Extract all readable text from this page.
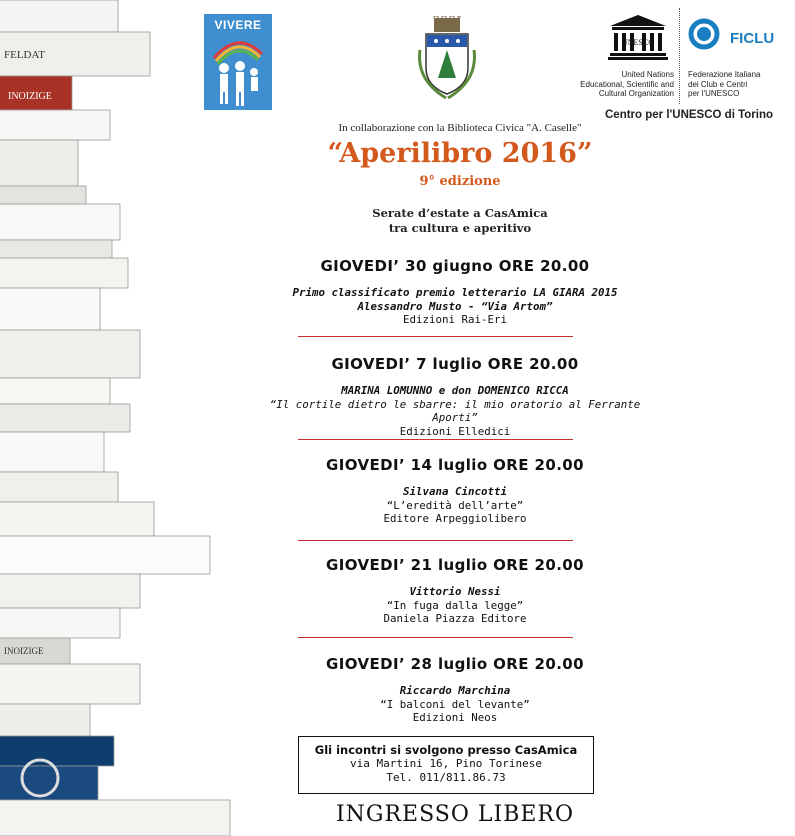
FELDAT
INOIZIGE
INOIZIGE
VIVERE
UNESCO
United Nations
Educational, Scientific and
Cultural Organization
FICLU
Federazione Italiana
dei Club e Centri
per l'UNESCO
Centro per l'UNESCO di Torino
In collaborazione con la Biblioteca Civica "A. Caselle"
“Aperilibro 2016”
9° edizione
Serate d’estate a CasAmica
tra cultura e aperitivo
GIOVEDI’ 30 giugno ORE 20.00
Primo classificato premio letterario LA GIARA 2015
Alessandro Musto - “Via Artom”
Edizioni Rai-Eri
GIOVEDI’ 7 luglio ORE 20.00
MARINA LOMUNNO e don DOMENICO RICCA
“Il cortile dietro le sbarre: il mio oratorio al Ferrante Aporti”
Edizioni Elledici
GIOVEDI’ 14 luglio ORE 20.00
Silvana Cincotti
“L’eredità dell’arte”
Editore Arpeggiolibero
GIOVEDI’ 21 luglio ORE 20.00
Vittorio Nessi
“In fuga dalla legge”
Daniela Piazza Editore
GIOVEDI’ 28 luglio ORE 20.00
Riccardo Marchina
“I balconi del levante”
Edizioni Neos
Gli incontri si svolgono presso CasAmica
via Martini 16, Pino Torinese
Tel. 011/811.86.73
INGRESSO LIBERO
